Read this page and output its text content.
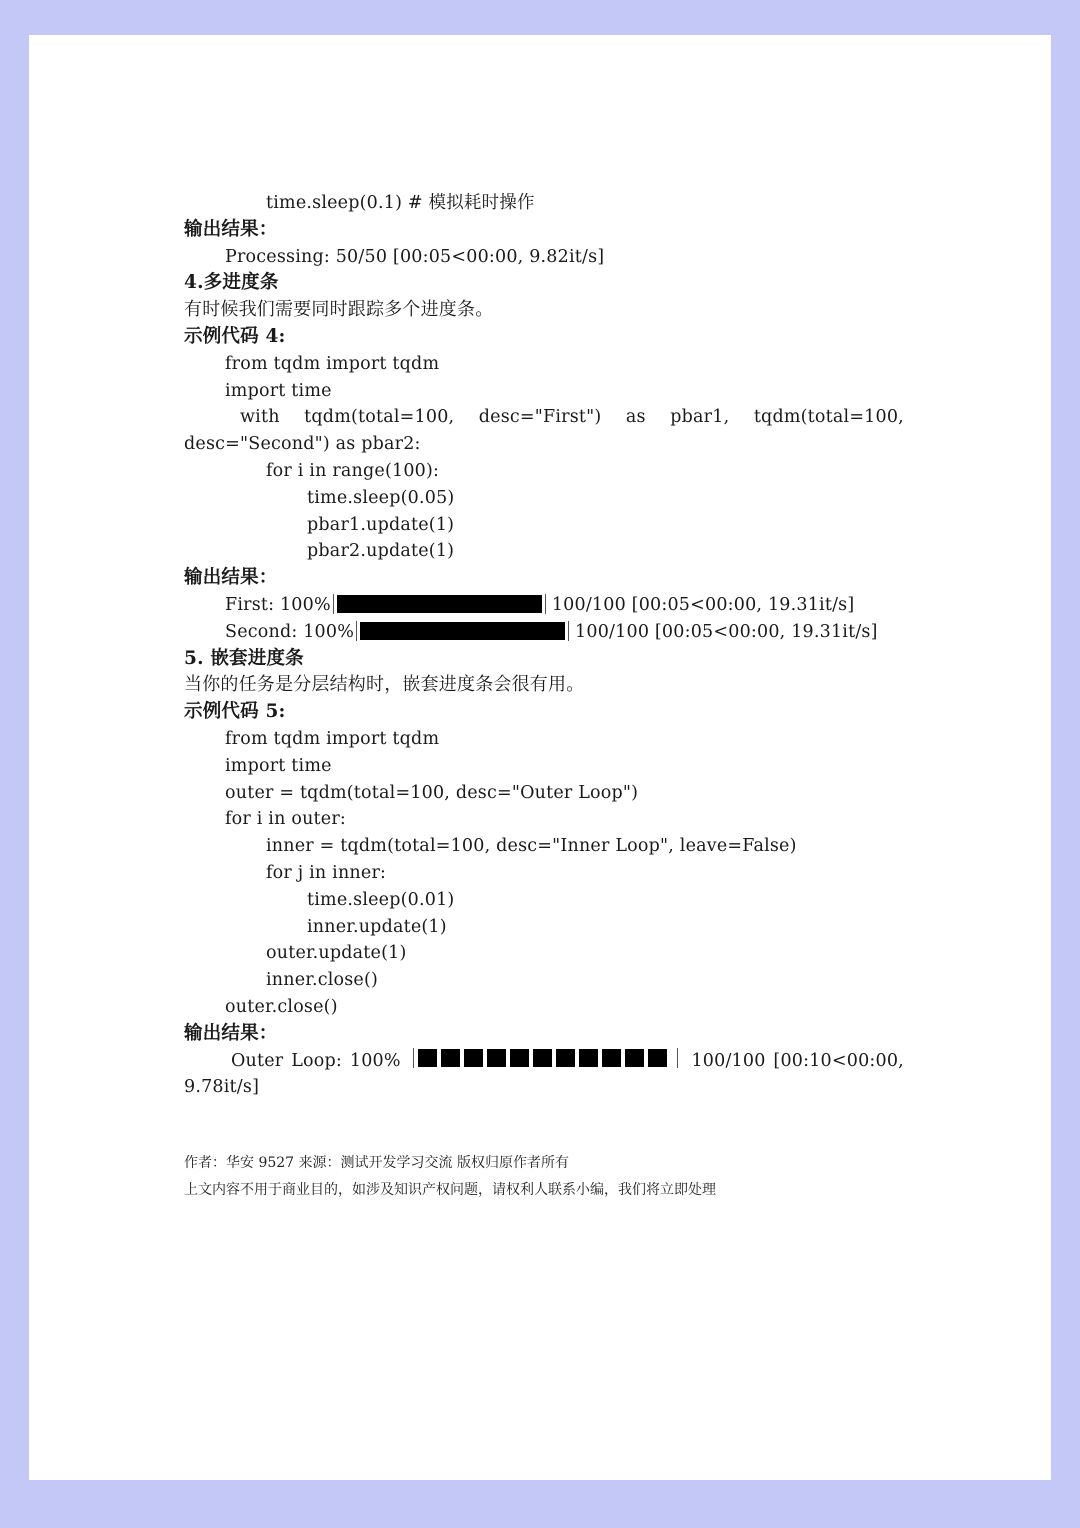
time.sleep(0.1) # 模拟耗时操作
输出结果：
Processing: 50/50 [00:05<00:00, 9.82it/s]
4.多进度条
有时候我们需要同时跟踪多个进度条。
示例代码 4:
from tqdm import tqdm
import time
with tqdm(total=100, desc="First") as pbar1, tqdm(total=100,
desc="Second") as pbar2:
for i in range(100):
time.sleep(0.05)
pbar1.update(1)
pbar2.update(1)
输出结果：
First: 100%	100/100 [00:05<00:00, 19.31it/s]
Second: 100%	100/100 [00:05<00:00, 19.31it/s]
5. 嵌套进度条
当你的任务是分层结构时，嵌套进度条会很有用。
示例代码 5:
from tqdm import tqdm
import time
outer = tqdm(total=100, desc="Outer Loop")
for i in outer:
inner = tqdm(total=100, desc="Inner Loop", leave=False)
for j in inner:
time.sleep(0.01)
inner.update(1)
outer.update(1)
inner.close()
outer.close()
输出结果：
Outer Loop: 100%	100/100 [00:10<00:00,
9.78it/s]
作者：华安 9527 来源：测试开发学习交流 版权归原作者所有
上文内容不用于商业目的，如涉及知识产权问题，请权利人联系小编，我们将立即处理
